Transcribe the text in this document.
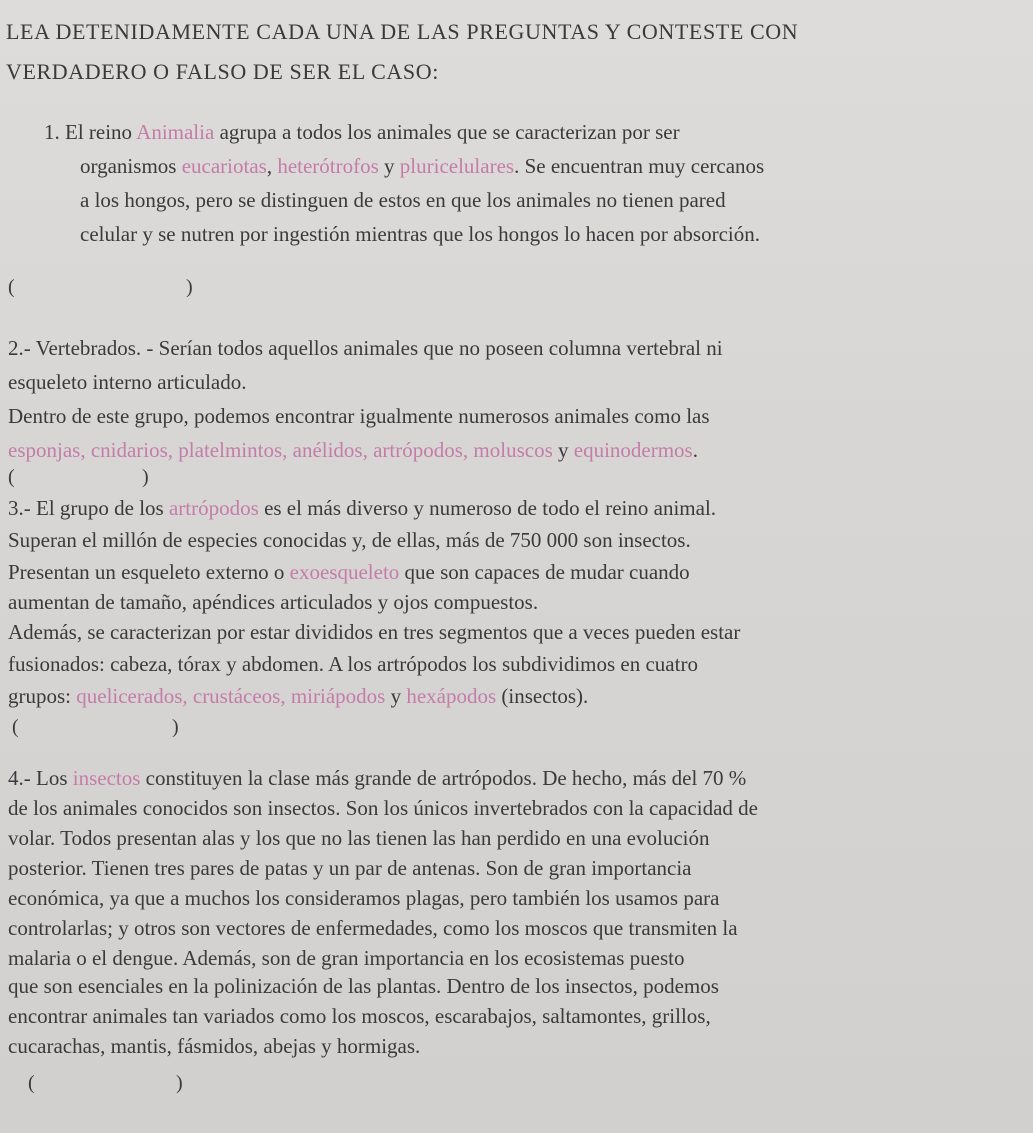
LEA DETENIDAMENTE CADA UNA DE LAS PREGUNTAS Y CONTESTE CON
VERDADERO O FALSO DE SER EL CASO:
1. El reino Animalia agrupa a todos los animales que se caracterizan por ser
organismos eucariotas, heterótrofos y pluricelulares. Se encuentran muy cercanos
a los hongos, pero se distinguen de estos en que los animales no tienen pared
celular y se nutren por ingestión mientras que los hongos lo hacen por absorción.
(	)
2.- Vertebrados. - Serían todos aquellos animales que no poseen columna vertebral ni
esqueleto interno articulado.
Dentro de este grupo, podemos encontrar igualmente numerosos animales como las
esponjas, cnidarios, platelmintos, anélidos, artrópodos, moluscos y equinodermos.
(	)
3.- El grupo de los artrópodos es el más diverso y numeroso de todo el reino animal.
Superan el millón de especies conocidas y, de ellas, más de 750 000 son insectos.
Presentan un esqueleto externo o exoesqueleto que son capaces de mudar cuando
aumentan de tamaño, apéndices articulados y ojos compuestos.
Además, se caracterizan por estar divididos en tres segmentos que a veces pueden estar
fusionados: cabeza, tórax y abdomen. A los artrópodos los subdividimos en cuatro
grupos: quelicerados, crustáceos, miriápodos y hexápodos (insectos).
(	)
4.- Los insectos constituyen la clase más grande de artrópodos. De hecho, más del 70 %
de los animales conocidos son insectos. Son los únicos invertebrados con la capacidad de
volar. Todos presentan alas y los que no las tienen las han perdido en una evolución
posterior. Tienen tres pares de patas y un par de antenas. Son de gran importancia
económica, ya que a muchos los consideramos plagas, pero también los usamos para
controlarlas; y otros son vectores de enfermedades, como los moscos que transmiten la
malaria o el dengue. Además, son de gran importancia en los ecosistemas puesto
que son esenciales en la polinización de las plantas. Dentro de los insectos, podemos
encontrar animales tan variados como los moscos, escarabajos, saltamontes, grillos,
cucarachas, mantis, fásmidos, abejas y hormigas.
(	)
